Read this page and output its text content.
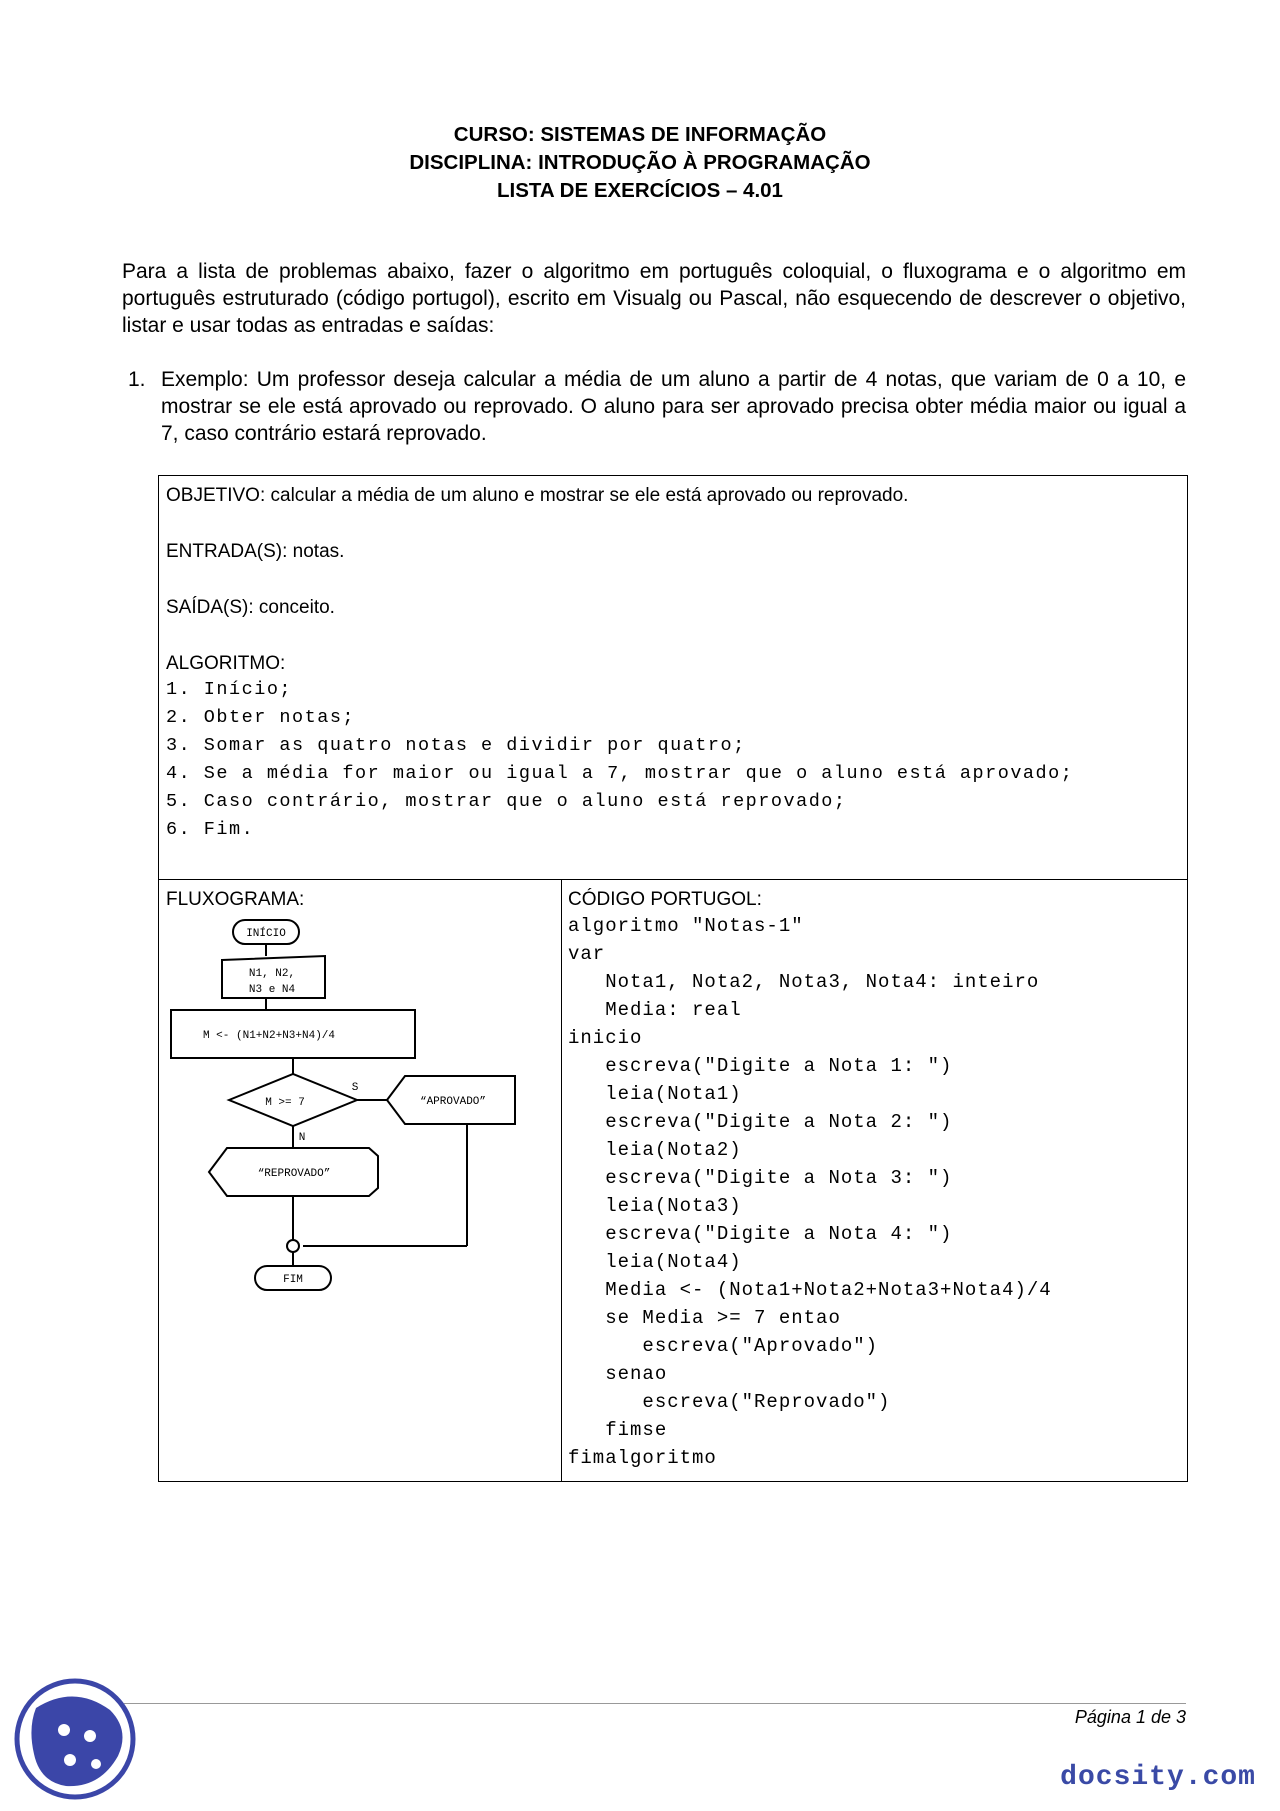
CURSO: SISTEMAS DE INFORMAÇÃO
DISCIPLINA: INTRODUÇÃO À PROGRAMAÇÃO
LISTA DE EXERCÍCIOS – 4.01

Para a lista de problemas abaixo, fazer o algoritmo em português coloquial, o fluxograma e o algoritmo em português estruturado (código portugol), escrito em Visualg ou Pascal, não esquecendo de descrever o objetivo, listar e usar todas as entradas e saídas:

1. Exemplo: Um professor deseja calcular a média de um aluno a partir de 4 notas, que variam de 0 a 10, e mostrar se ele está aprovado ou reprovado. O aluno para ser aprovado precisa obter média maior ou igual a 7, caso contrário estará reprovado.
OBJETIVO: calcular a média de um aluno e mostrar se ele está aprovado ou reprovado.
ENTRADA(S): notas.
SAÍDA(S): conceito.
ALGORITMO:
1. Início;
2. Obter notas;
3. Somar as quatro notas e dividir por quatro;
4. Se a média for maior ou igual a 7, mostrar que o aluno está aprovado;
5. Caso contrário, mostrar que o aluno está reprovado;
6. Fim.
FLUXOGRAMA:
INÍCIO
N1, N2,
N3 e N4
M <- (N1+N2+N3+N4)/4
M >= 7
S
N
“APROVADO”
“REPROVADO”
FIM
CÓDIGO PORTUGOL:
algoritmo "Notas-1"
var
Nota1, Nota2, Nota3, Nota4: inteiro
Media: real
inicio
escreva("Digite a Nota 1: ")
leia(Nota1)
escreva("Digite a Nota 2: ")
leia(Nota2)
escreva("Digite a Nota 3: ")
leia(Nota3)
escreva("Digite a Nota 4: ")
leia(Nota4)
Media <- (Nota1+Nota2+Nota3+Nota4)/4
se Media >= 7 entao
escreva("Aprovado")
senao
escreva("Reprovado")
fimse
fimalgoritmo
Página 1 de 3
docsity.com
